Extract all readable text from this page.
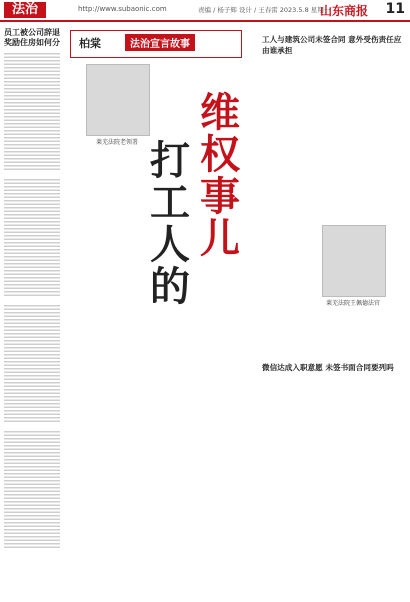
法治	http://www.subaonic.com	责编 / 杨子辉 设计 / 王春雷 2023.5.8 星期一
山东商报 11
员工被公司辞退 奖励住房如何分 柏棠	法治宣言故事
莱芜法院老领署
维权事儿
打工人的	莱芜法院王佩德法官
工人与建筑公司未签合同 意外受伤责任应由谁承担
微信达成入职意愿 未签书面合同要列吗
